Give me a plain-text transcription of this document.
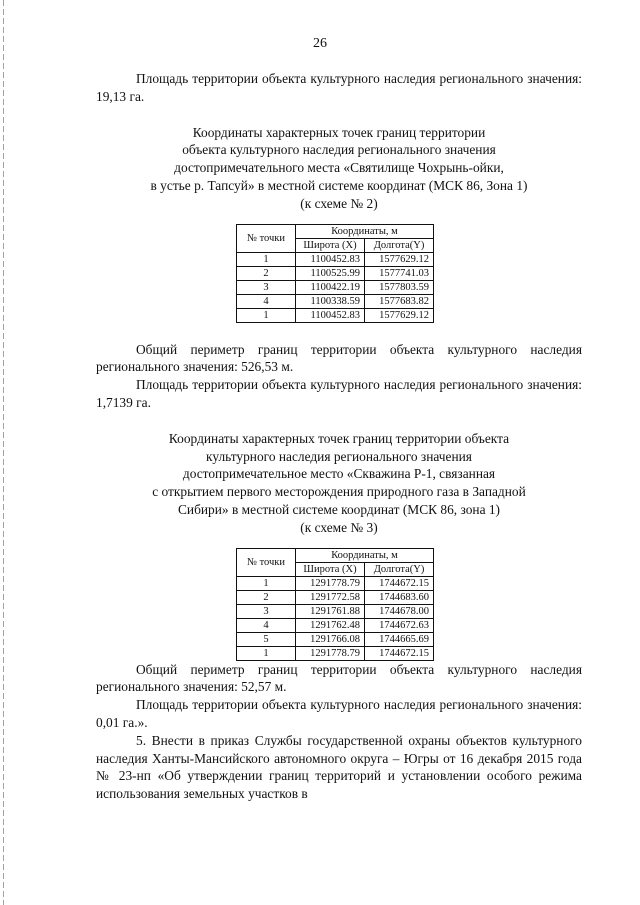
26

Площадь территории объекта культурного наследия регионального значения: 19,13 га.

Координаты характерных точек границ территории
объекта культурного наследия регионального значения
достопримечательного места «Святилище Чохрынь-ойки,
в устье р. Тапсуй» в местной системе координат (МСК 86, Зона 1)
(к схеме № 2)
№ точки	Координаты, м	
	Широта (X)	Долгота(Y)
1	1100452.83	1577629.12
2	1100525.99	1577741.03
3	1100422.19	1577803.59
4	1100338.59	1577683.82
1	1100452.83	1577629.12

Общий периметр границ территории объекта культурного наследия регионального значения: 526,53 м.

Площадь территории объекта культурного наследия регионального значения: 1,7139 га.

Координаты характерных точек границ территории объекта
культурного наследия регионального значения
достопримечательное место «Скважина Р-1, связанная
с открытием первого месторождения природного газа в Западной
Сибири» в местной системе координат (МСК 86, зона 1)
(к схеме № 3)
№ точки	Координаты, м	
	Широта (X)	Долгота(Y)
1	1291778.79	1744672.15
2	1291772.58	1744683.60
3	1291761.88	1744678.00
4	1291762.48	1744672.63
5	1291766.08	1744665.69
1	1291778.79	1744672.15

Общий периметр границ территории объекта культурного наследия регионального значения: 52,57 м.

Площадь территории объекта культурного наследия регионального значения: 0,01 га.».

5. Внести в приказ Службы государственной охраны объектов культурного наследия Ханты-Мансийского автономного округа – Югры от 16 декабря 2015 года № 23-нп «Об утверждении границ территорий и установлении особого режима использования земельных участков в
